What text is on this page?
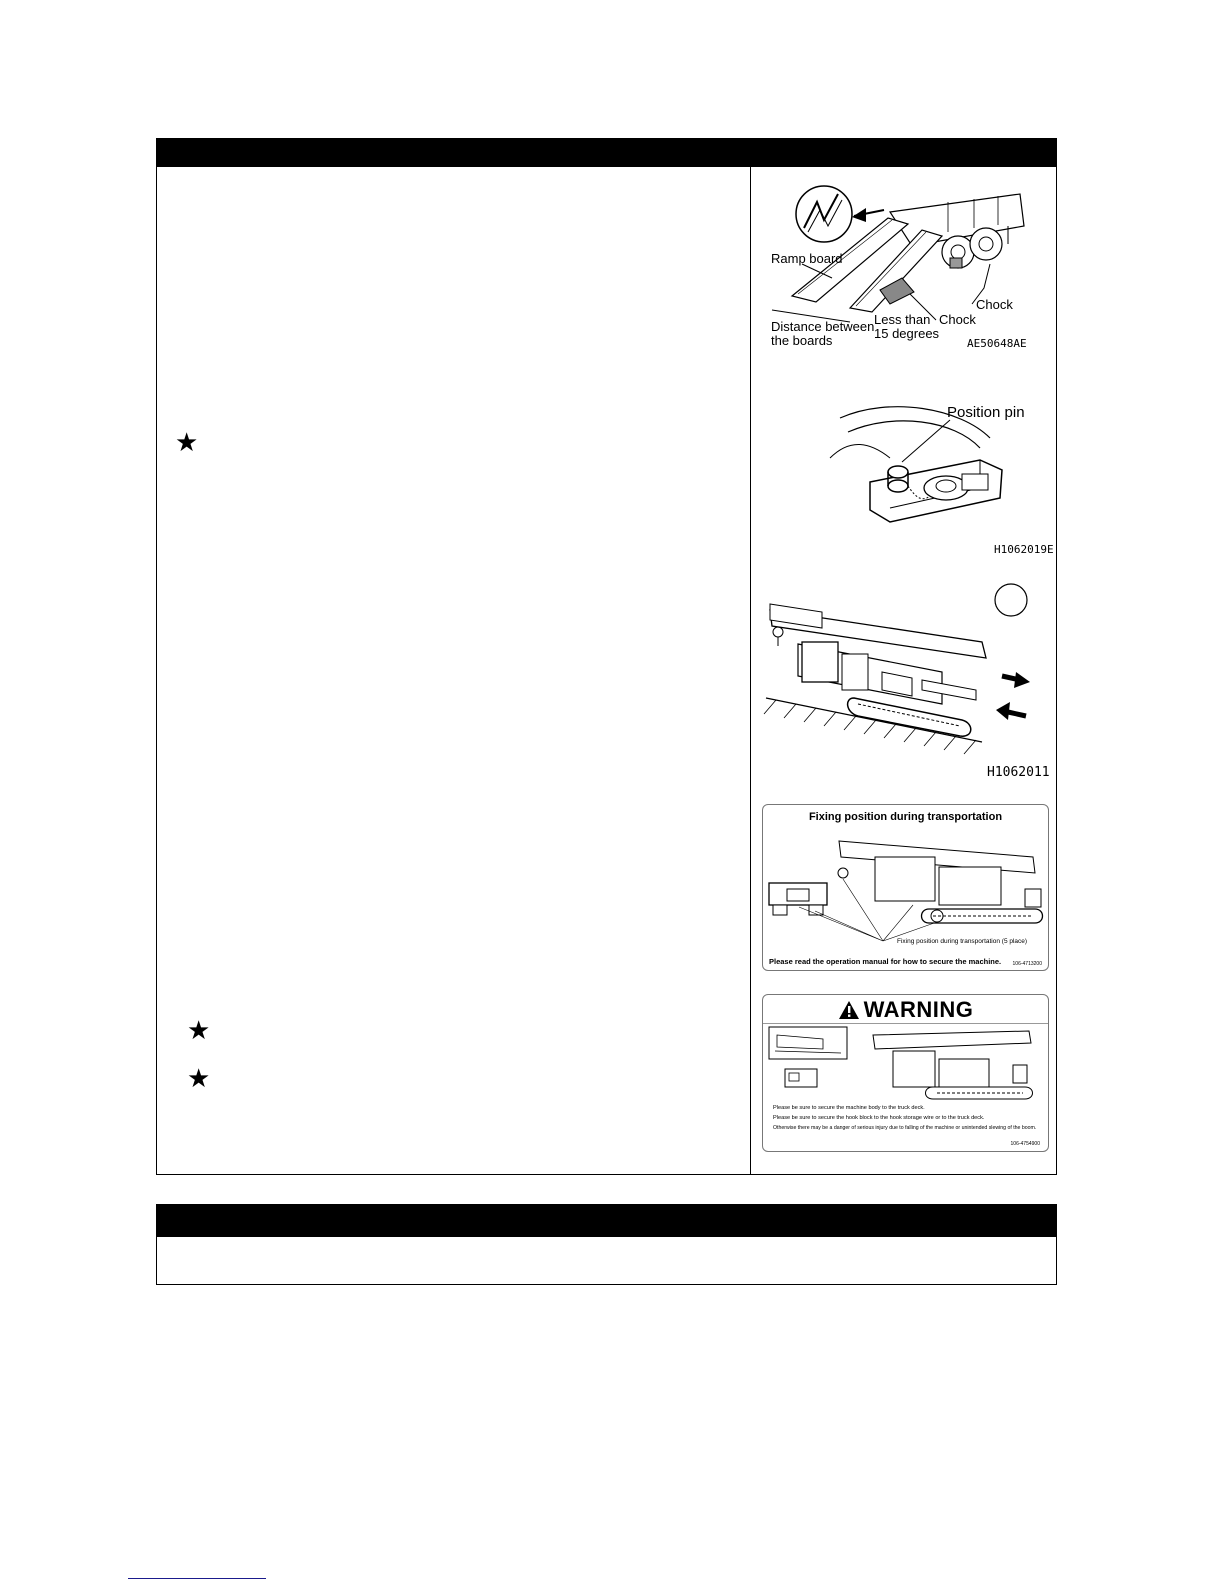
★
★
★
Ramp board
Chock
Chock
Distance between
the boards
Less than
15 degrees
AE50648AE
Position pin
H1062019E
H1062011
Fixing position during transportation
Fixing position during transportation (5 place)
Please read the operation manual for how to secure the machine. 106-4713200
WARNING
Please be sure to secure the machine body to the truck deck.
Please be sure to secure the hook block to the hook storage wire or to the truck deck.
Otherwise there may be a danger of serious injury due to falling of the machine or unintended slewing of the boom.
106-4754900
